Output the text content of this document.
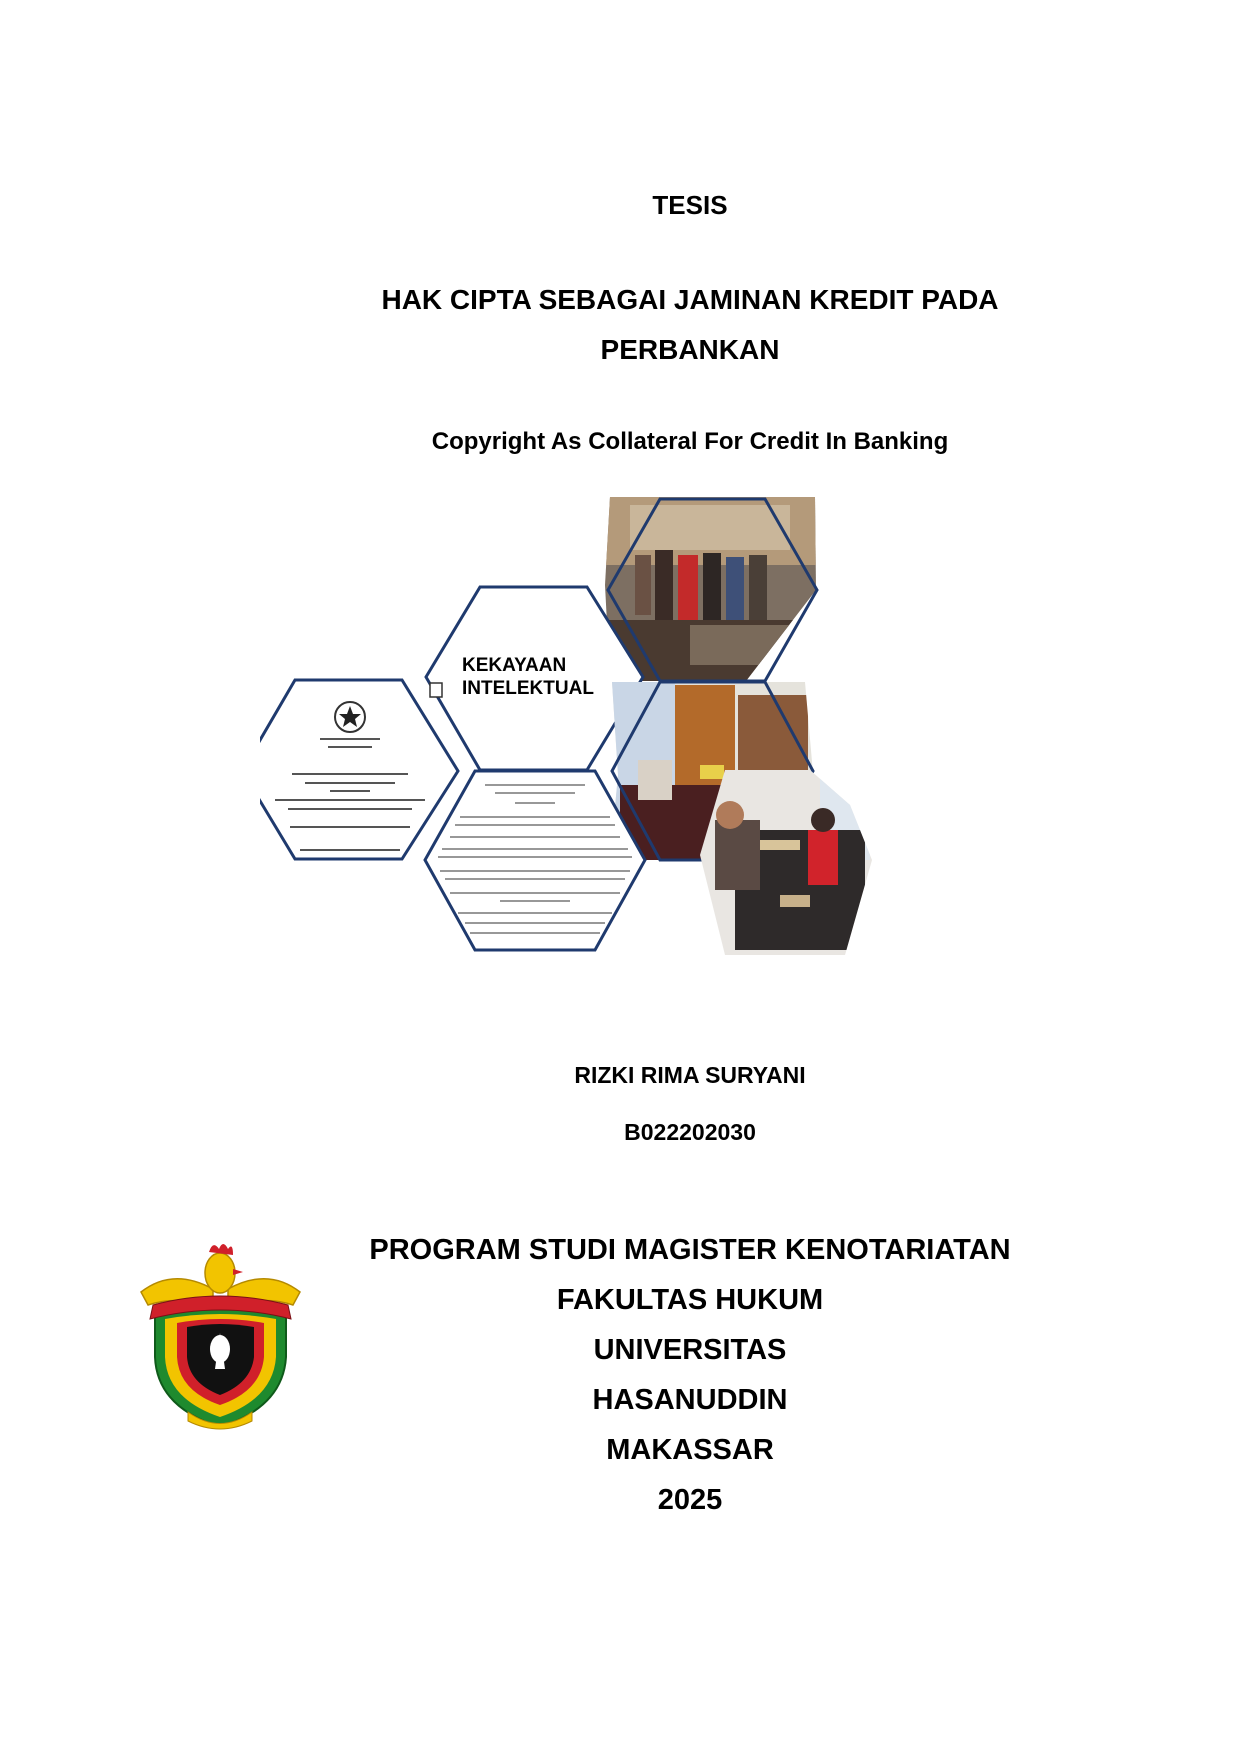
TESIS
HAK CIPTA SEBAGAI JAMINAN KREDIT PADA
PERBANKAN
Copyright As Collateral For Credit In Banking
KEKAYAAN
INTELEKTUAL
RIZKI RIMA SURYANI
B022202030
PROGRAM STUDI MAGISTER KENOTARIATAN
FAKULTAS HUKUM
UNIVERSITAS
HASANUDDIN
MAKASSAR
2025
